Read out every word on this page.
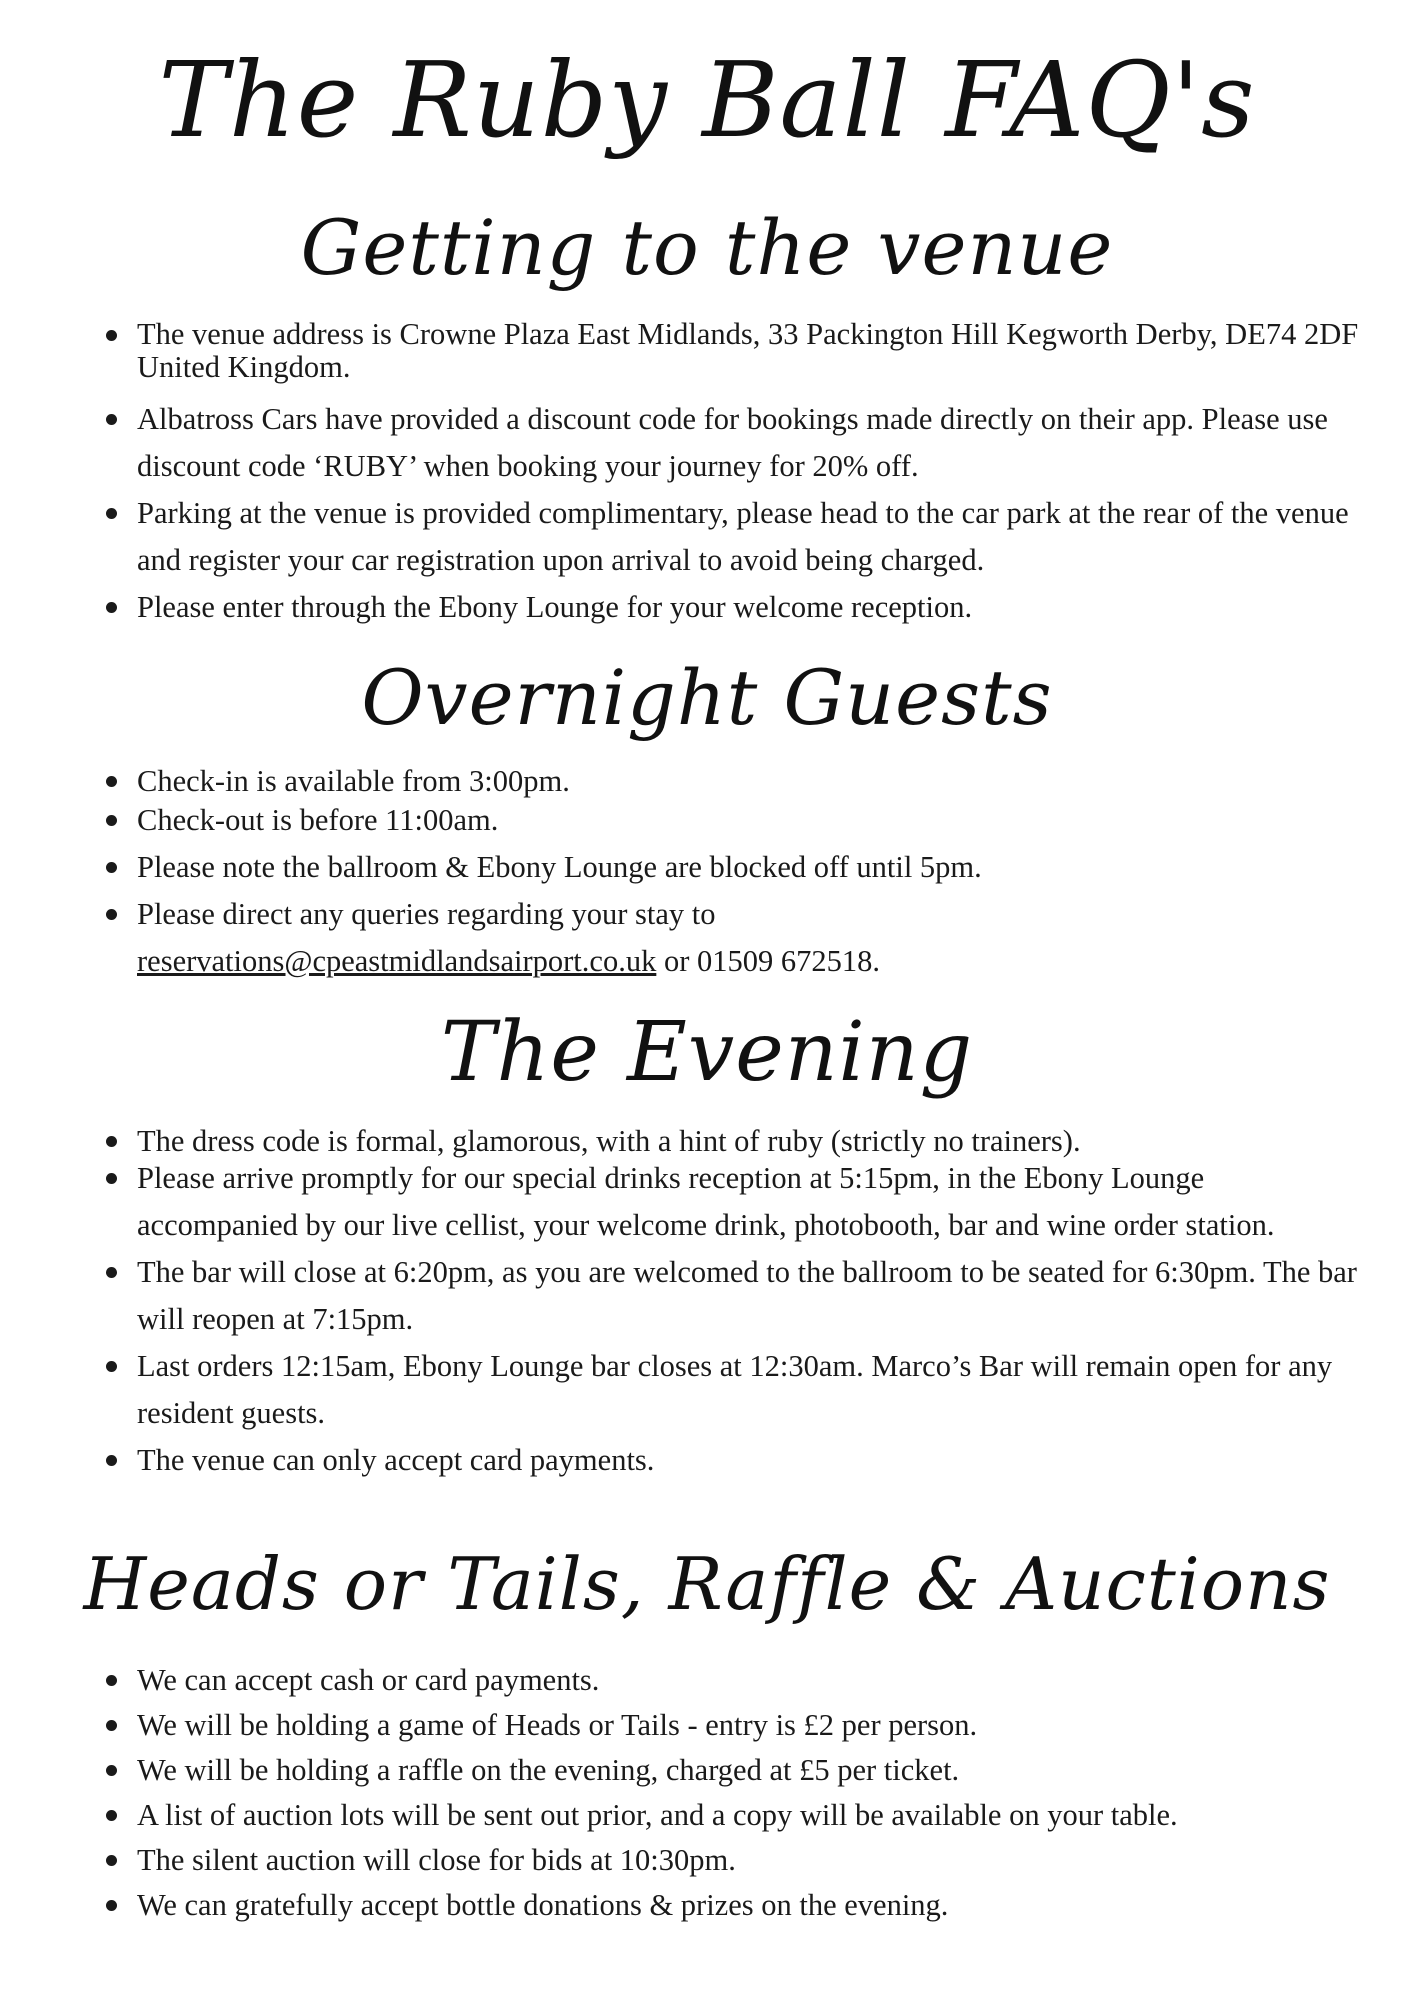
The Ruby Ball FAQ's
Getting to the venue
The venue address is Crowne Plaza East Midlands, 33 Packington Hill Kegworth Derby, DE74 2DF United Kingdom.
Albatross Cars have provided a discount code for bookings made directly on their app. Please use discount code ‘RUBY’ when booking your journey for 20% off.
Parking at the venue is provided complimentary, please head to the car park at the rear of the venue and register your car registration upon arrival to avoid being charged.
Please enter through the Ebony Lounge for your welcome reception.
Overnight Guests
Check-in is available from 3:00pm.
Check-out is before 11:00am.
Please note the ballroom & Ebony Lounge are blocked off until 5pm.
Please direct any queries regarding your stay to
reservations@cpeastmidlandsairport.co.uk or 01509 672518.
The Evening
The dress code is formal, glamorous, with a hint of ruby (strictly no trainers).
Please arrive promptly for our special drinks reception at 5:15pm, in the Ebony Lounge accompanied by our live cellist, your welcome drink, photobooth, bar and wine order station.
The bar will close at 6:20pm, as you are welcomed to the ballroom to be seated for 6:30pm. The bar will reopen at 7:15pm.
Last orders 12:15am, Ebony Lounge bar closes at 12:30am. Marco’s Bar will remain open for any resident guests.
The venue can only accept card payments.
Heads or Tails, Raffle & Auctions
We can accept cash or card payments.
We will be holding a game of Heads or Tails - entry is £2 per person.
We will be holding a raffle on the evening, charged at £5 per ticket.
A list of auction lots will be sent out prior, and a copy will be available on your table.
The silent auction will close for bids at 10:30pm.
We can gratefully accept bottle donations & prizes on the evening.
